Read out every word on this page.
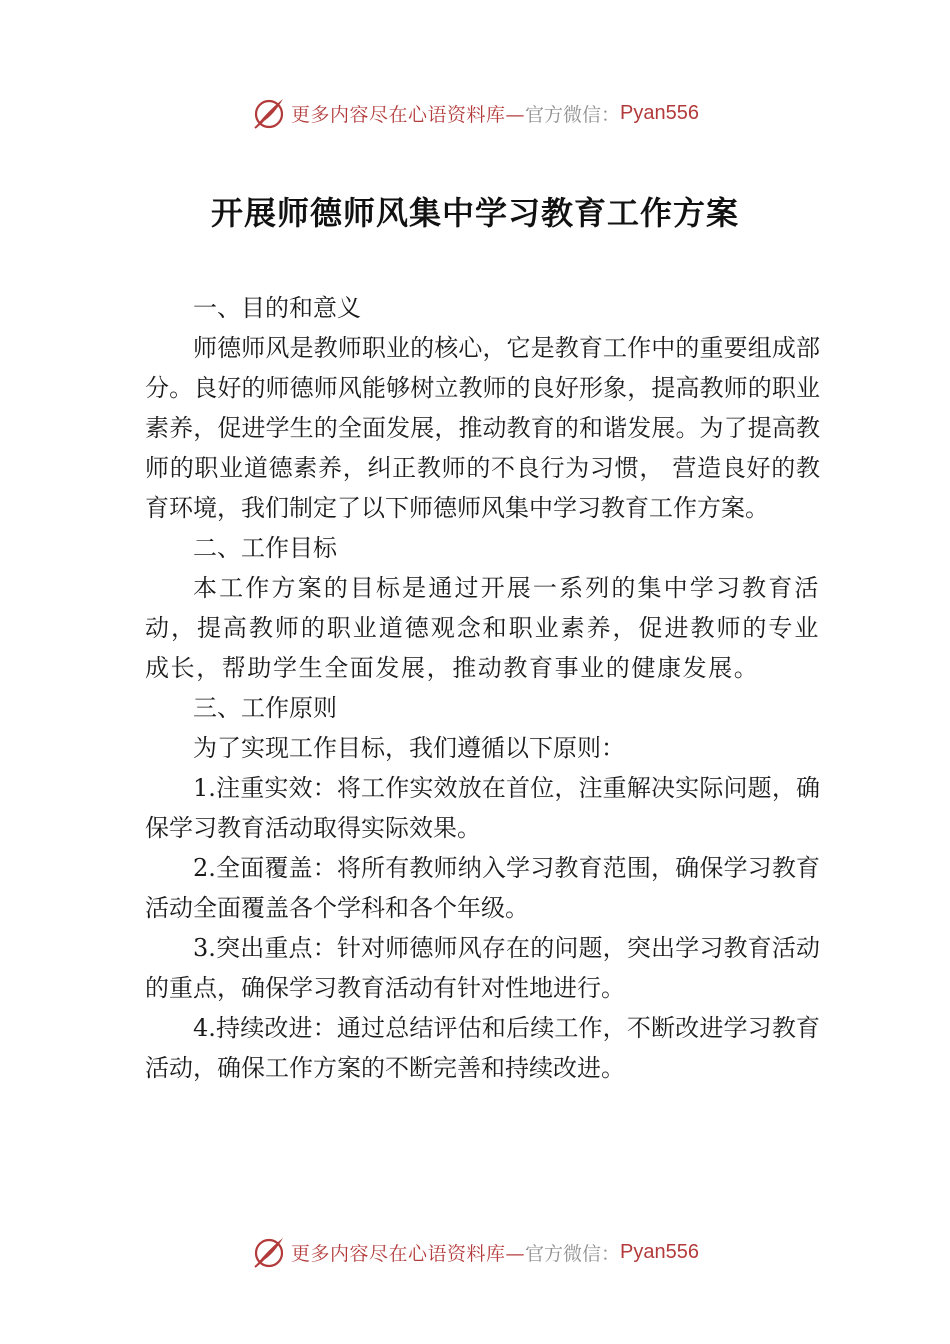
更多内容尽在心语资料库— 官方微信： Pyan556
开展师德师风集中学习教育工作方案
一、目的和意义

师德师风是教师职业的核心，它是教育工作中的重要组成部分。良好的师德师风能够树立教师的良好形象，提高教师的职业素养，促进学生的全面发展，推动教育的和谐发展。为了提高教师的职业道德素养，纠正教师的不良行为习惯， 营造良好的教育环境，我们制定了以下师德师风集中学习教育工作方案。

二、工作目标

本工作方案的目标是通过开展一系列的集中学习教育活动，提高教师的职业道德观念和职业素养，促进教师的专业成长，帮助学生全面发展，推动教育事业的健康发展。

三、工作原则

为了实现工作目标，我们遵循以下原则：

1.注重实效：将工作实效放在首位，注重解决实际问题，确保学习教育活动取得实际效果。

2.全面覆盖：将所有教师纳入学习教育范围，确保学习教育活动全面覆盖各个学科和各个年级。

3.突出重点：针对师德师风存在的问题，突出学习教育活动的重点，确保学习教育活动有针对性地进行。

4.持续改进：通过总结评估和后续工作，不断改进学习教育活动，确保工作方案的不断完善和持续改进。

更多内容尽在心语资料库— 官方微信： Pyan556
